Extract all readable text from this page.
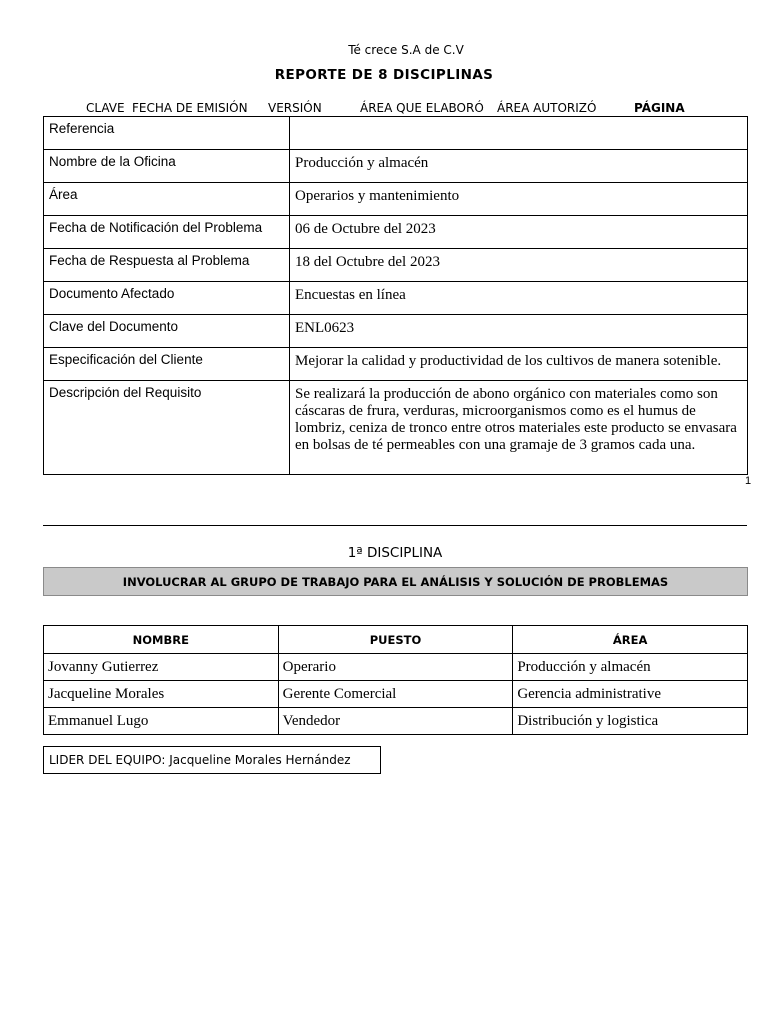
Té crece S.A de C.V
REPORTE DE 8 DISCIPLINAS
CLAVE FECHA DE EMISIÓN VERSIÓN	ÁREA QUE ELABORÓ ÁREA AUTORIZÓ	PÁGINA
Referencia	
Nombre de la Oficina	Producción y almacén
Área	Operarios y mantenimiento
Fecha de Notificación del Problema	06 de Octubre del 2023
Fecha de Respuesta al Problema	18 del Octubre del 2023
Documento Afectado	Encuestas en línea
Clave del Documento	ENL0623
Especificación del Cliente	Mejorar la calidad y productividad de los cultivos de manera sotenible.
Descripción del Requisito	Se realizará la producción de abono orgánico con materiales como son cáscaras de frura, verduras, microorganismos como es el humus de lombriz, ceniza de tronco entre otros materiales este producto se envasara en bolsas de té permeables con una gramaje de 3 gramos cada una.
1
1ª DISCIPLINA
INVOLUCRAR AL GRUPO DE TRABAJO PARA EL ANÁLISIS Y SOLUCIÓN DE PROBLEMAS
NOMBRE	PUESTO	ÁREA
Jovanny Gutierrez	Operario	Producción y almacén
Jacqueline Morales	Gerente Comercial	Gerencia administrative
Emmanuel Lugo	Vendedor	Distribución y logistica
LIDER DEL EQUIPO: Jacqueline Morales Hernández
